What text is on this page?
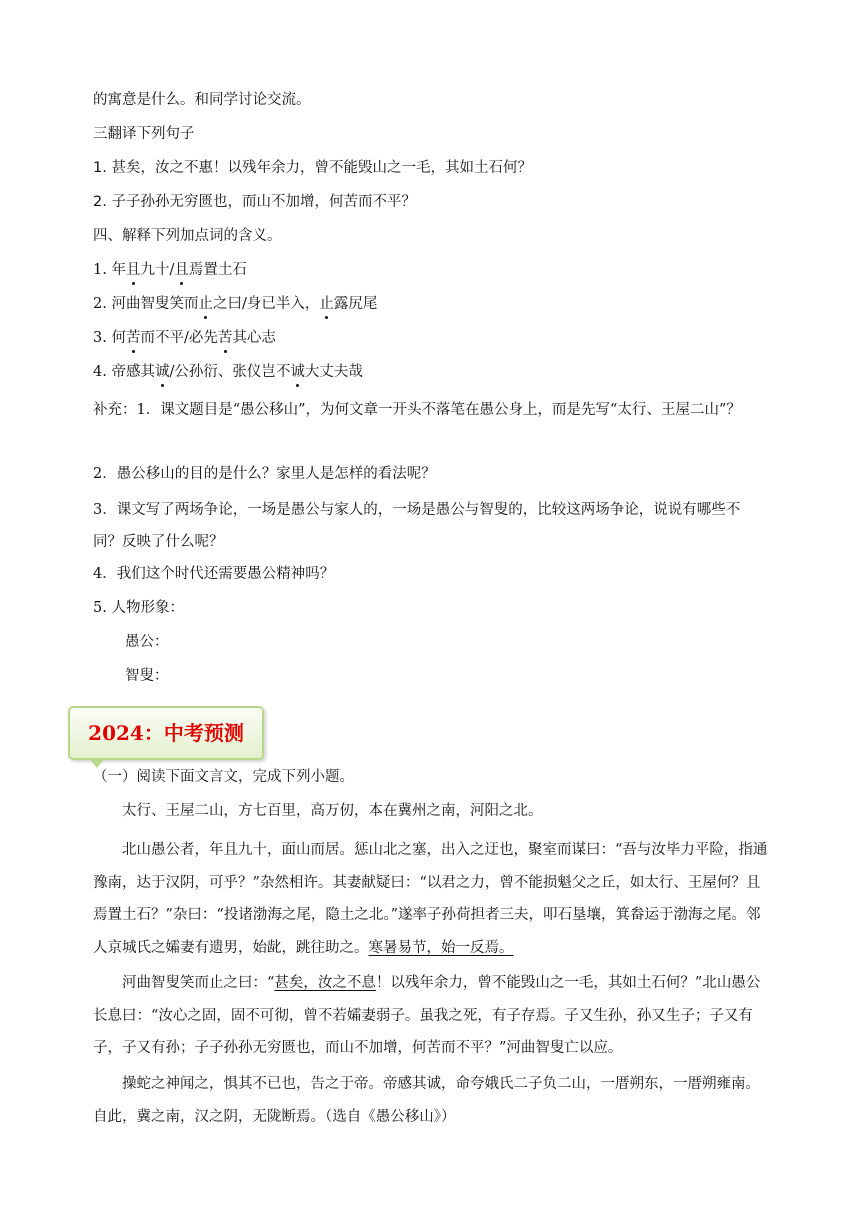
的寓意是什么。和同学讨论交流。
三翻译下列句子
1. 甚矣，汝之不惠！以残年余力，曾不能毁山之一毛，其如土石何？
2. 子子孙孙无穷匮也，而山不加增，何苦而不平？
四、解释下列加点词的含义。
1. 年且九十/且焉置土石
2. 河曲智叟笑而止之曰/身已半入，止露尻尾
3. 何苦而不平/必先苦其心志
4. 帝感其诚/公孙衍、张仪岂不诚大丈夫哉
补充：1．课文题目是“愚公移山”，为何文章一开头不落笔在愚公身上，而是先写“太行、王屋二山”？
2．愚公移山的目的是什么？家里人是怎样的看法呢？
3．课文写了两场争论，一场是愚公与家人的，一场是愚公与智叟的，比较这两场争论，说说有哪些不同？反映了什么呢？
4．我们这个时代还需要愚公精神吗？
5. 人物形象：
愚公：
智叟：
2024：中考预测
（一）阅读下面文言文，完成下列小题。
太行、王屋二山，方七百里，高万仞，本在冀州之南，河阳之北。
北山愚公者，年且九十，面山而居。惩山北之塞，出入之迂也，聚室而谋曰：“吾与汝毕力平险，指通豫南，达于汉阴，可乎？”杂然相许。其妻献疑曰：“以君之力，曾不能损魁父之丘，如太行、王屋何？且焉置土石？”杂曰：“投诸渤海之尾，隐土之北。”遂率子孙荷担者三夫，叩石垦壤，箕畚运于渤海之尾。邻人京城氏之孀妻有遗男，始龀，跳往助之。寒暑易节，始一反焉。
河曲智叟笑而止之曰：“甚矣，汝之不息！以残年余力，曾不能毁山之一毛，其如土石何？”北山愚公长息曰：“汝心之固，固不可彻，曾不若孀妻弱子。虽我之死，有子存焉。子又生孙，孙又生子；子又有子，子又有孙；子子孙孙无穷匮也，而山不加增，何苦而不平？”河曲智叟亡以应。
操蛇之神闻之，惧其不已也，告之于帝。帝感其诚，命夸娥氏二子负二山，一厝朔东，一厝朔雍南。自此，冀之南，汉之阴，无陇断焉。（选自《愚公移山》）
